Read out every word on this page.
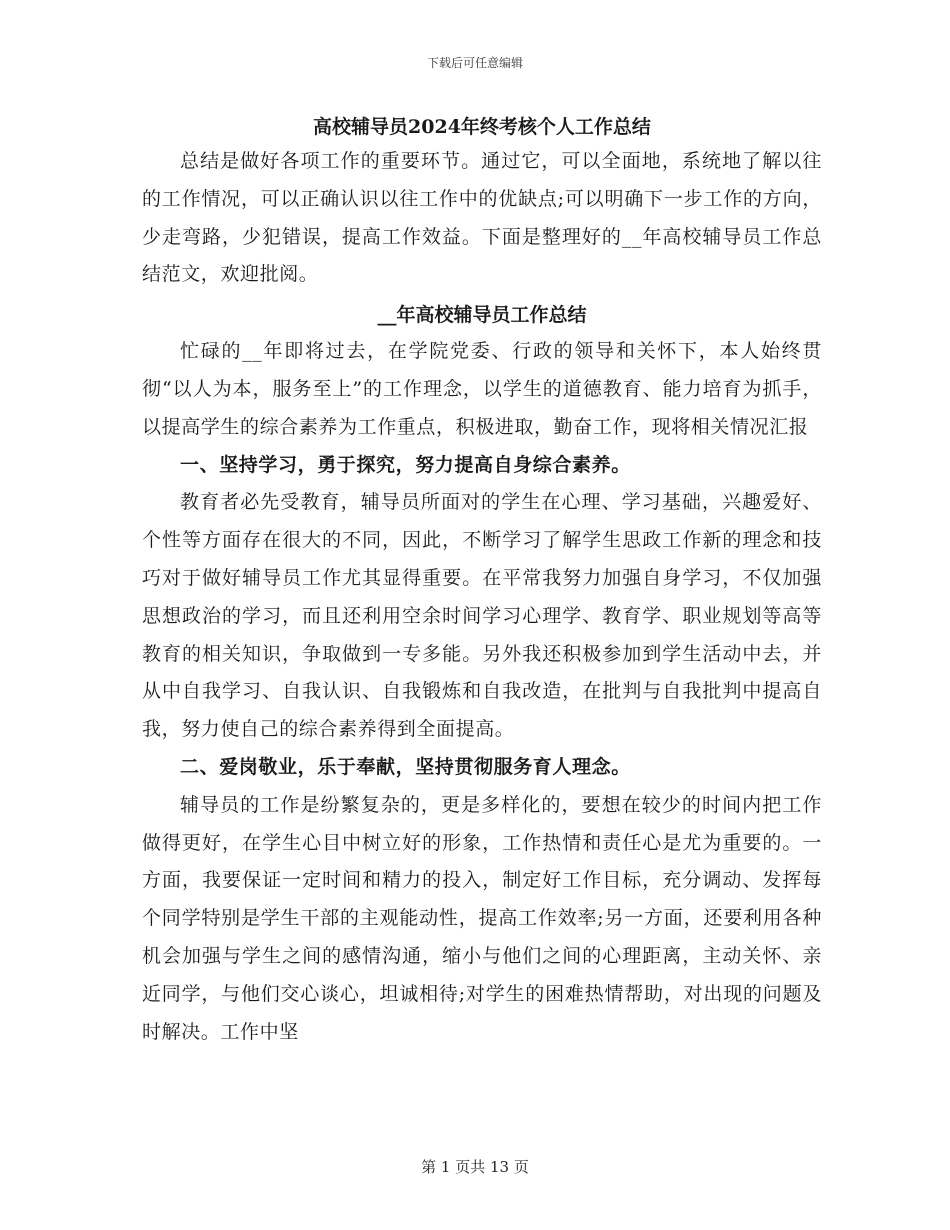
下载后可任意编辑
高校辅导员2024年终考核个人工作总结

总结是做好各项工作的重要环节。通过它，可以全面地，系统地了解以往的工作情况，可以正确认识以往工作中的优缺点;可以明确下一步工作的方向，少走弯路，少犯错误，提高工作效益。下面是整理好的__年高校辅导员工作总结范文，欢迎批阅。

__年高校辅导员工作总结

忙碌的__年即将过去，在学院党委、行政的领导和关怀下，本人始终贯彻“以人为本，服务至上”的工作理念，以学生的道德教育、能力培育为抓手，以提高学生的综合素养为工作重点，积极进取，勤奋工作，现将相关情况汇报

一、坚持学习，勇于探究，努力提高自身综合素养。

教育者必先受教育，辅导员所面对的学生在心理、学习基础，兴趣爱好、个性等方面存在很大的不同，因此，不断学习了解学生思政工作新的理念和技巧对于做好辅导员工作尤其显得重要。在平常我努力加强自身学习，不仅加强思想政治的学习，而且还利用空余时间学习心理学、教育学、职业规划等高等教育的相关知识，争取做到一专多能。另外我还积极参加到学生活动中去，并从中自我学习、自我认识、自我锻炼和自我改造，在批判与自我批判中提高自我，努力使自己的综合素养得到全面提高。

二、爱岗敬业，乐于奉献，坚持贯彻服务育人理念。

辅导员的工作是纷繁复杂的，更是多样化的，要想在较少的时间内把工作做得更好，在学生心目中树立好的形象，工作热情和责任心是尤为重要的。一方面，我要保证一定时间和精力的投入，制定好工作目标，充分调动、发挥每个同学特别是学生干部的主观能动性，提高工作效率;另一方面，还要利用各种机会加强与学生之间的感情沟通，缩小与他们之间的心理距离，主动关怀、亲近同学，与他们交心谈心，坦诚相待;对学生的困难热情帮助，对出现的问题及时解决。工作中坚

第 1 页共 13 页
